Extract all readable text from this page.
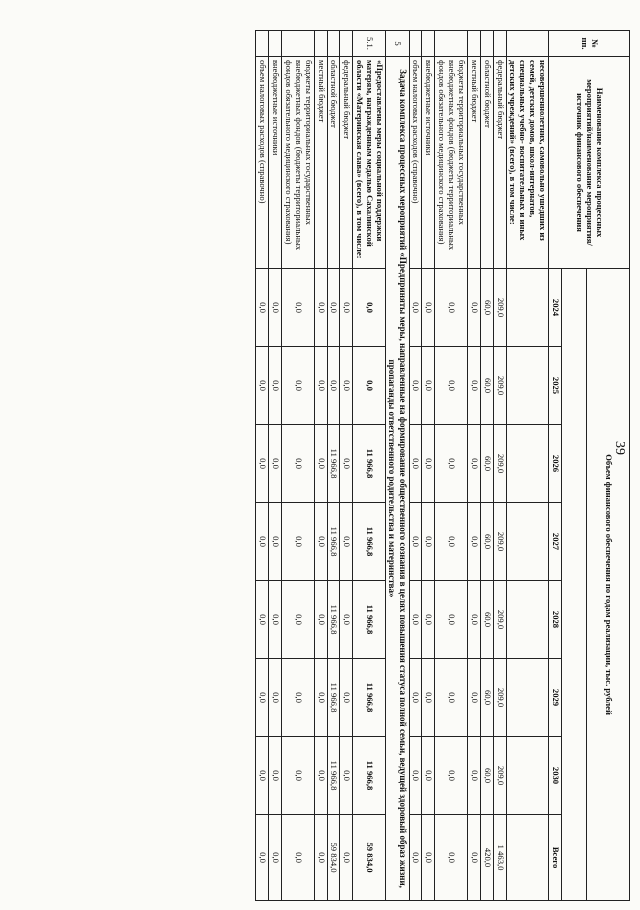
39
№ пп.	Наименование комплекса процессных мероприятий/наименование мероприятия/ источник финансового обеспечения	Объем финансового обеспечения по годам реализации, тыс. рублей							

		2024	2025	2026	2027	2028	2029	2030	Всего
	несовершеннолетних, самовольно ушедших из семей, детских домов, школ-интернатов, специальных учебно- воспитательных и иных детских учреждений» (всего), в том числе:								
	федеральный бюджет	209,0	209,0	209,0	209,0	209,0	209,0	209,0	1 463,0
	областной бюджет	60,0	60,0	60,0	60,0	60,0	60,0	60,0	420,0
	местный бюджет	0,0	0,0	0,0	0,0	0,0	0,0	0,0	0,0
	бюджеты территориальных государственных внебюджетных фондов (бюджеты территориальных фондов обязательного медицинского страхования)	0,0	0,0	0,0	0,0	0,0	0,0	0,0	0,0
	внебюджетные источники	0,0	0,0	0,0	0,0	0,0	0,0	0,0	0,0
	объем налоговых расходов (справочно)	0,0	0,0	0,0	0,0	0,0	0,0	0,0	0,0
5	Задача комплекса процессных мероприятий «Предприняты меры, направленные на формирование общественного сознания в целях повышения статуса полной семьи, ведущей здоровый образ жизни, пропаганды ответственного родительства и материнства»								
5.1.	«Предоставлены меры социальной поддержки матерям, награжденным медалью Сахалинской области «Материнская слава» (всего), в том числе:	0,0	0,0	11 966,8	11 966,8	11 966,8	11 966,8	11 966,8	59 834,0
	федеральный бюджет	0,0	0,0	0,0	0,0	0,0	0,0	0,0	0,0
	областной бюджет	0,0	0,0	11 966,8	11 966,8	11 966,8	11 966,8	11 966,8	59 834,0
	местный бюджет	0,0	0,0	0,0	0,0	0,0	0,0	0,0	0,0
	бюджеты территориальных государственных внебюджетных фондов (бюджеты территориальных фондов обязательного медицинского страхования)	0,0	0,0	0,0	0,0	0,0	0,0	0,0	0,0
	внебюджетные источники	0,0	0,0	0,0	0,0	0,0	0,0	0,0	0,0
	объем налоговых расходов (справочно)	0,0	0,0	0,0	0,0	0,0	0,0	0,0	0,0
